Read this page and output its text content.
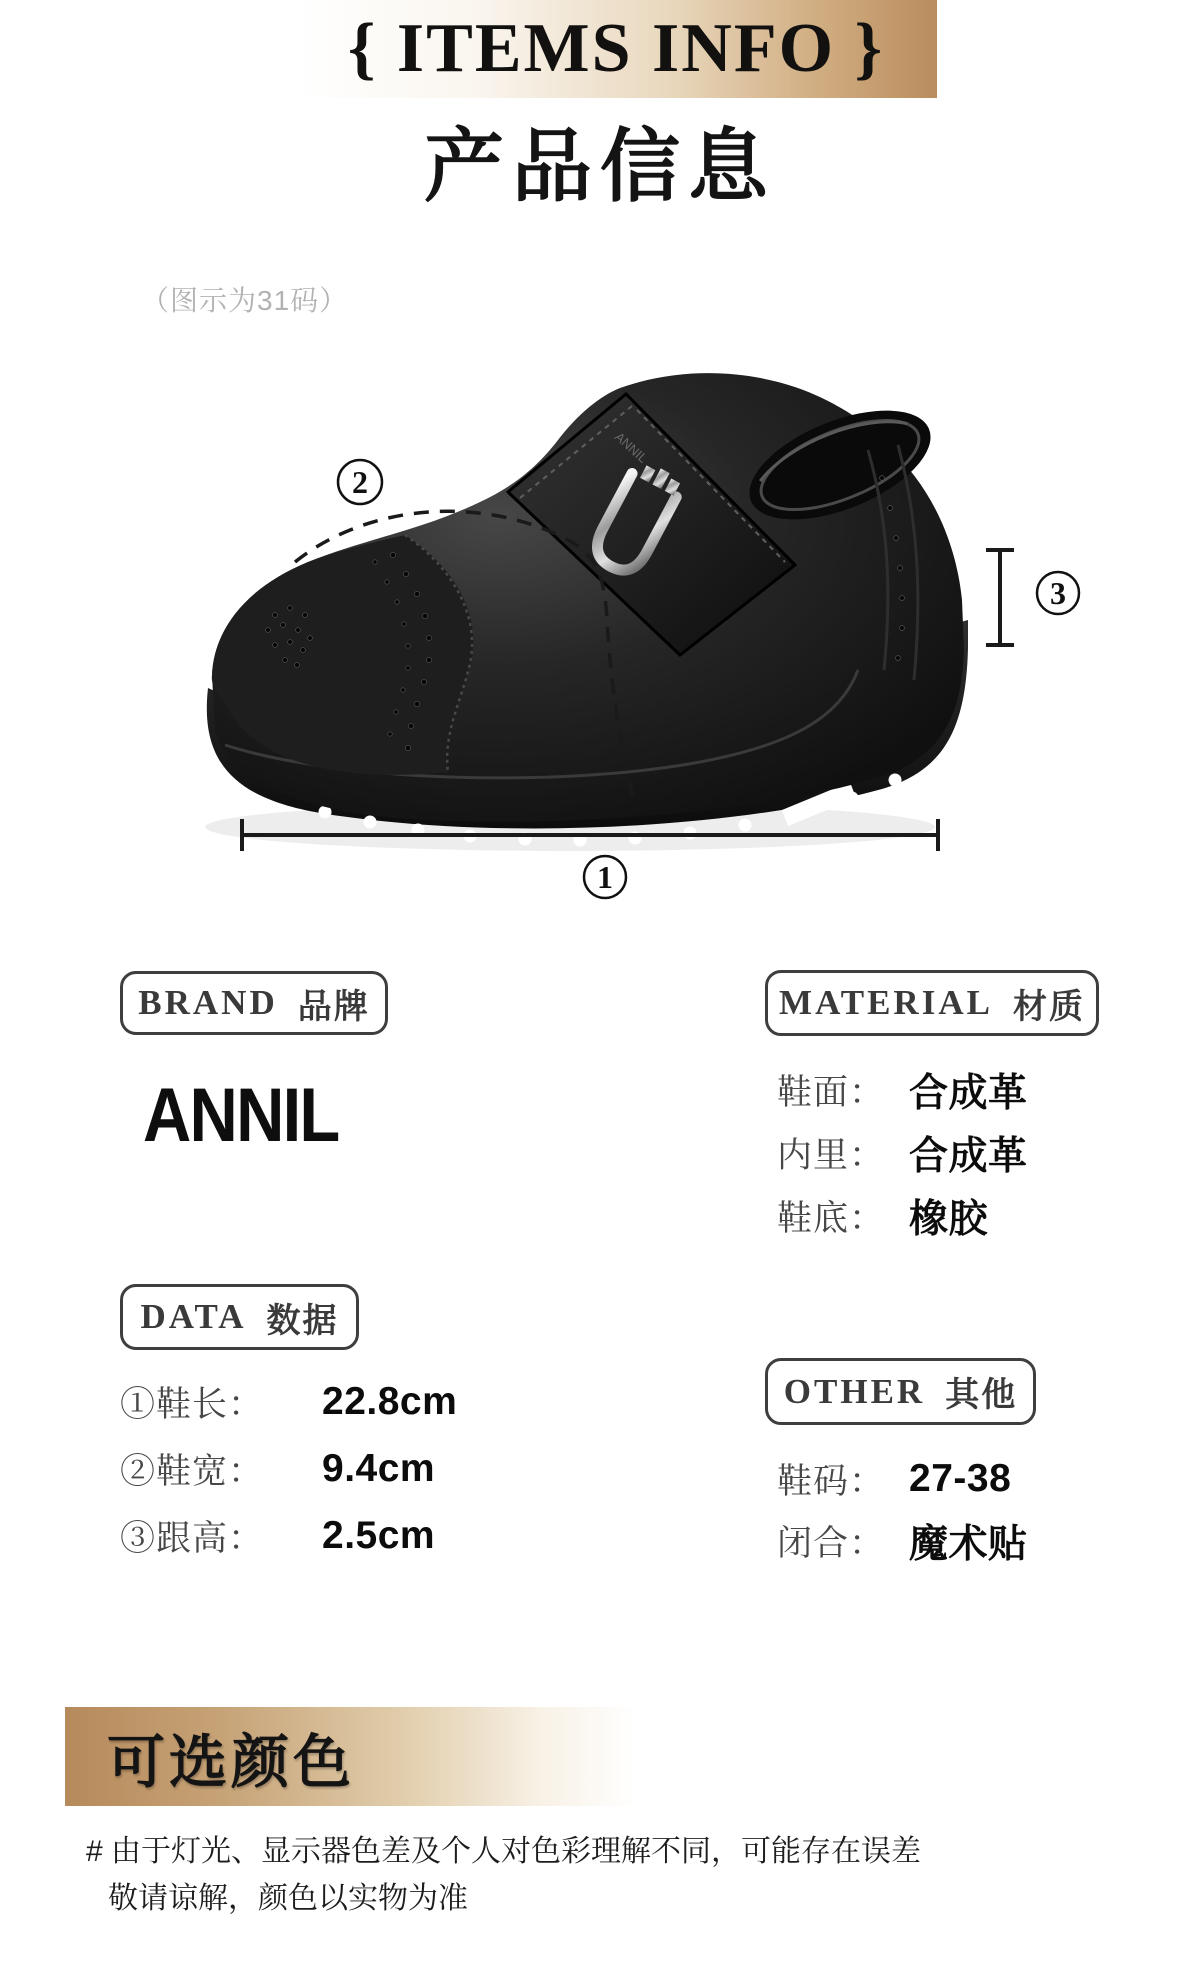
{ ITEMS INFO }
产品信息
（图示为31码）
ANNIL
2
3
1
BRAND 品牌
ANNIL
MATERIAL 材质
鞋面： 合成革
内里： 合成革
鞋底： 橡胶
DATA 数据
①鞋长：	22.8cm
②鞋宽：	9.4cm
③跟高：	2.5cm
OTHER 其他
鞋码： 27-38
闭合： 魔术贴
可选颜色
# 由于灯光、显示器色差及个人对色彩理解不同，可能存在误差
敬请谅解，颜色以实物为准
